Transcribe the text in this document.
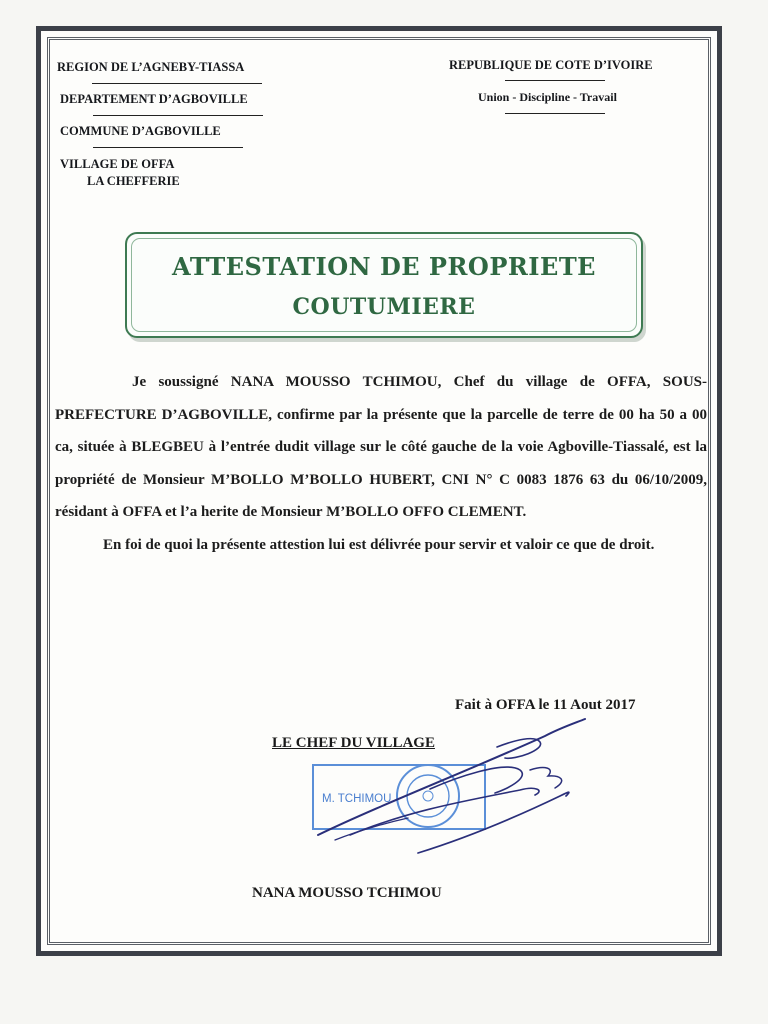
REGION DE L’AGNEBY-TIASSA
DEPARTEMENT D’AGBOVILLE
COMMUNE D’AGBOVILLE
VILLAGE DE OFFA
LA CHEFFERIE
REPUBLIQUE DE COTE D’IVOIRE
Union - Discipline - Travail
ATTESTATION DE PROPRIETE
COUTUMIERE

Je soussigné NANA MOUSSO TCHIMOU, Chef du village de OFFA, SOUS-PREFECTURE D’AGBOVILLE, confirme par la présente que la parcelle de terre de 00 ha 50 a 00 ca, située à BLEGBEU à l’entrée dudit village sur le côté gauche de la voie Agboville-Tiassalé, est la propriété de Monsieur M’BOLLO M’BOLLO HUBERT, CNI N° C 0083 1876 63 du 06/10/2009, résidant à OFFA et l’a herite de Monsieur M’BOLLO OFFO CLEMENT.

En foi de quoi la présente attestion lui est délivrée pour servir et valoir ce que de droit.

Fait à OFFA le 11 Aout 2017
LE CHEF DU VILLAGE
M. TCHIMOU
NANA MOUSSO TCHIMOU
